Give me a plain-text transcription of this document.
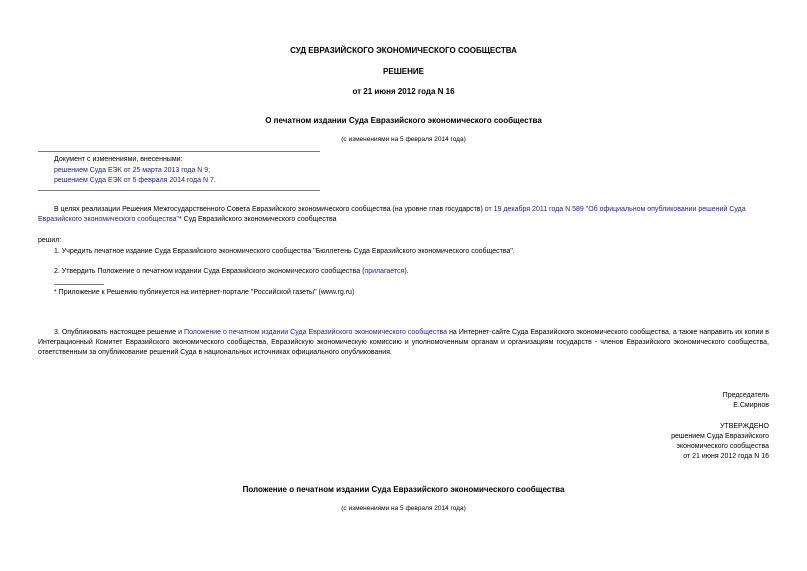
СУД ЕВРАЗИЙСКОГО ЭКОНОМИЧЕСКОГО СООБЩЕСТВА
РЕШЕНИЕ
от 21 июня 2012 года N 16
О печатном издании Суда Евразийского экономического сообщества
(с изменениями на 5 февраля 2014 года)
Документ с изменениями, внесенными:
решением Суда ЕЭК от 25 марта 2013 года N 9;
решением Суда ЕЭК от 5 февраля 2014 года N 7.
В целях реализации Решения Межгосударственного Совета Евразийского экономического сообщества (на уровне глав государств) от 19 декабря 2011 года N 589 "Об официальном опубликовании решений Суда Евразийского экономического сообщества"* Суд Евразийского экономического сообщества
решил:
1. Учредить печатное издание Суда Евразийского экономического сообщества "Бюллетень Суда Евразийского экономического сообщества".
2. Утвердить Положение о печатном издании Суда Евразийского экономического сообщества (прилагается).
* Приложение к Решению публикуется на интернет-портале "Российской газеты" (www.rg.ru)
3. Опубликовать настоящее решение и Положение о печатном издании Суда Евразийского экономического сообщества на Интернет-сайте Суда Евразийского экономического сообщества, а также направить их копии в Интеграционный Комитет Евразийского экономического сообщества, Евразийскую экономическую комиссию и уполномоченным органам и организациям государств - членов Евразийского экономического сообщества, ответственным за опубликование решений Суда в национальных источниках официального опубликования.
Председатель
Е.Смирнов
УТВЕРЖДЕНО
решением Суда Евразийского
экономического сообщества
от 21 июня 2012 года N 16
Положение о печатном издании Суда Евразийского экономического сообщества
(с изменениями на 5 февраля 2014 года)
